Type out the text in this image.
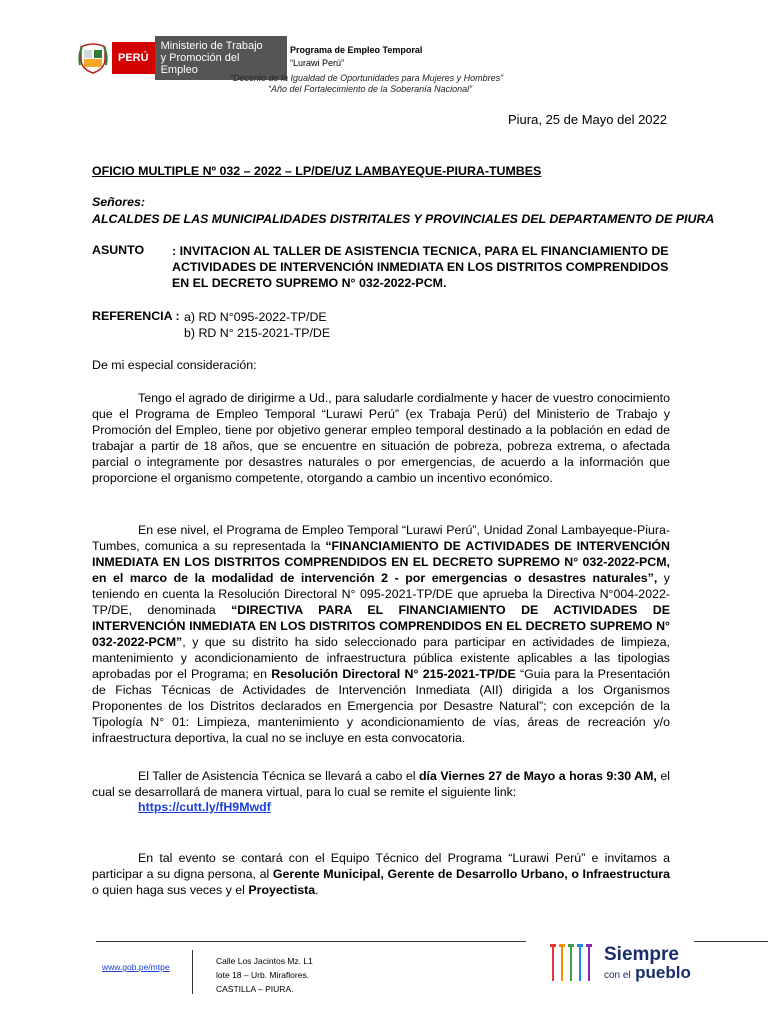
PERÚ
Ministerio de Trabajo
y Promoción del Empleo
Programa de Empleo Temporal
“Lurawi Perú”
“Decenio de la Igualdad de Oportunidades para Mujeres y Hombres”
“Año del Fortalecimiento de la Soberanía Nacional”
Piura, 25 de Mayo del 2022
OFICIO MULTIPLE Nº 032 – 2022 – LP/DE/UZ LAMBAYEQUE-PIURA-TUMBES
Señores:
ALCALDES DE LAS MUNICIPALIDADES DISTRITALES Y PROVINCIALES DEL DEPARTAMENTO DE PIURA
ASUNTO : INVITACION AL TALLER DE ASISTENCIA TECNICA, PARA EL FINANCIAMIENTO DE ACTIVIDADES DE INTERVENCIÓN INMEDIATA EN LOS DISTRITOS COMPRENDIDOS EN EL DECRETO SUPREMO N° 032-2022-PCM.
REFERENCIA : a) RD N°095-2022-TP/DE
b) RD N° 215-2021-TP/DE
De mi especial consideración:
Tengo el agrado de dirigirme a Ud., para saludarle cordialmente y hacer de vuestro conocimiento que el Programa de Empleo Temporal “Lurawi Perú” (ex Trabaja Perú) del Ministerio de Trabajo y Promoción del Empleo, tiene por objetivo generar empleo temporal destinado a la población en edad de trabajar a partir de 18 años, que se encuentre en situación de pobreza, pobreza extrema, o afectada parcial o integramente por desastres naturales o por emergencias, de acuerdo a la información que proporcione el organismo competente, otorgando a cambio un incentivo económico.
En ese nivel, el Programa de Empleo Temporal “Lurawi Perú”, Unidad Zonal Lambayeque-Piura-Tumbes, comunica a su representada la “FINANCIAMIENTO DE ACTIVIDADES DE INTERVENCIÓN INMEDIATA EN LOS DISTRITOS COMPRENDIDOS EN EL DECRETO SUPREMO N° 032-2022-PCM, en el marco de la modalidad de intervención 2 - por emergencias o desastres naturales”, y teniendo en cuenta la Resolución Directoral N° 095-2021-TP/DE que aprueba la Directiva N°004-2022-TP/DE, denominada “DIRECTIVA PARA EL FINANCIAMIENTO DE ACTIVIDADES DE INTERVENCIÓN INMEDIATA EN LOS DISTRITOS COMPRENDIDOS EN EL DECRETO SUPREMO N° 032-2022-PCM”, y que su distrito ha sido seleccionado para participar en actividades de limpieza, mantenimiento y acondicionamiento de infraestructura pública existente aplicables a las tipologias aprobadas por el Programa; en Resolución Directoral N° 215-2021-TP/DE “Guia para la Presentación de Fichas Técnicas de Actividades de Intervención Inmediata (AII) dirigida a los Organismos Proponentes de los Distritos declarados en Emergencia por Desastre Natural”; con excepción de la Tipología N° 01: Limpieza, mantenimiento y acondicionamiento de vías, áreas de recreación y/o infraestructura deportiva, la cual no se incluye en esta convocatoria.
El Taller de Asistencia Técnica se llevará a cabo el día Viernes 27 de Mayo a horas 9:30 AM, el cual se desarrollará de manera virtual, para lo cual se remite el siguiente link:
https://cutt.ly/fH9Mwdf
En tal evento se contará con el Equipo Técnico del Programa “Lurawi Perú” e invitamos a participar a su digna persona, al Gerente Municipal, Gerente de Desarrollo Urbano, o Infraestructura o quien haga sus veces y el Proyectista.
www.gob.pe/mtpe
Calle Los Jacintos Mz. L1
lote 18 – Urb. Miraflores.
CASTILLA – PIURA.
Siempre
con el pueblo
